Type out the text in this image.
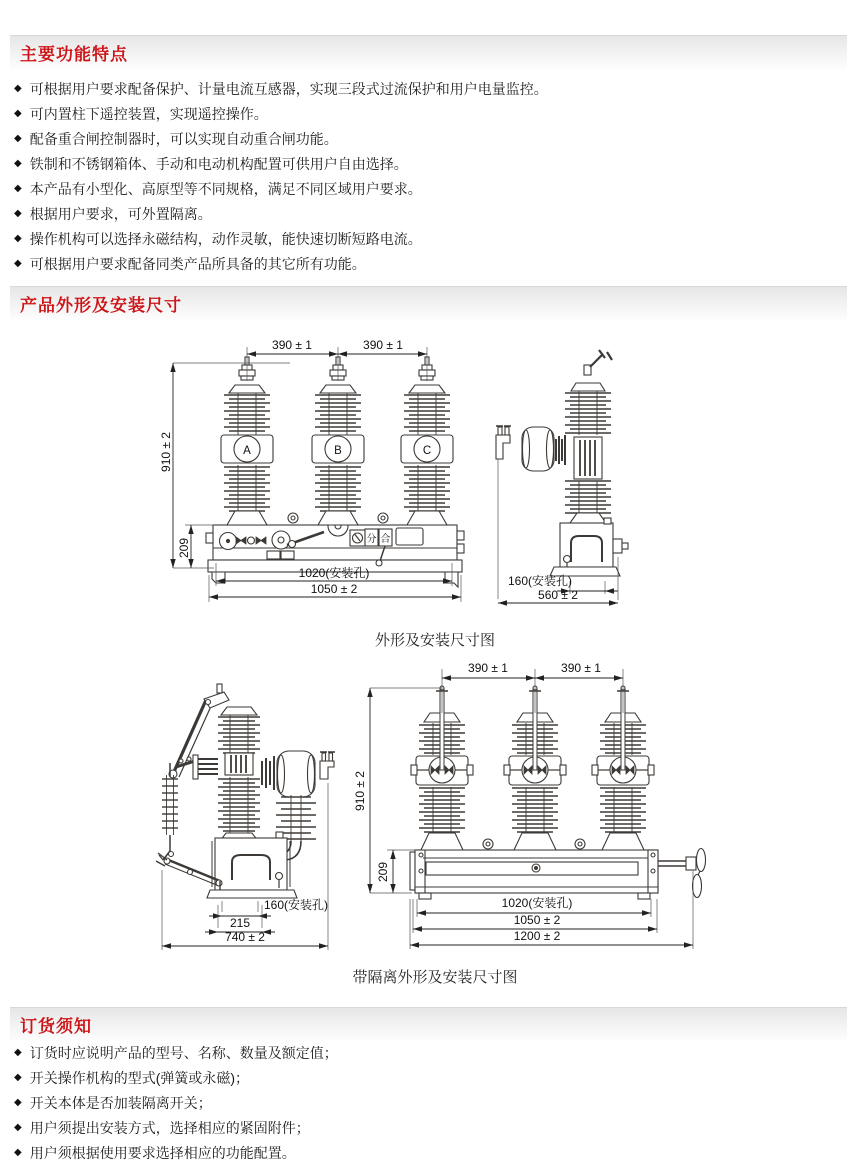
主要功能特点
◆ 可根据用户要求配备保护、计量电流互感器，实现三段式过流保护和用户电量监控。
◆ 可内置柱下遥控装置，实现遥控操作。
◆ 配备重合闸控制器时，可以实现自动重合闸功能。
◆ 铁制和不锈钢箱体、手动和电动机构配置可供用户自由选择。
◆ 本产品有小型化、高原型等不同规格，满足不同区域用户要求。
◆ 根据用户要求，可外置隔离。
◆ 操作机构可以选择永磁结构，动作灵敏，能快速切断短路电流。
◆ 可根据用户要求配备同类产品所具备的其它所有功能。
产品外形及安装尺寸
390 ± 1	390 ± 1
910 ± 2
209
A	B	C
分 合
1020(安装孔)
1050 ± 2
160(安装孔)
560 ± 2
外形及安装尺寸图
390 ± 1	390 ± 1
910 ± 2
209
1020(安装孔)
1050 ± 2
1200 ± 2
160(安装孔)
215
740 ± 2
带隔离外形及安装尺寸图
订货须知
◆ 订货时应说明产品的型号、名称、数量及额定值；
◆ 开关操作机构的型式(弹簧或永磁)；
◆ 开关本体是否加装隔离开关；
◆ 用户须提出安装方式，选择相应的紧固附件；
◆ 用户须根据使用要求选择相应的功能配置。
